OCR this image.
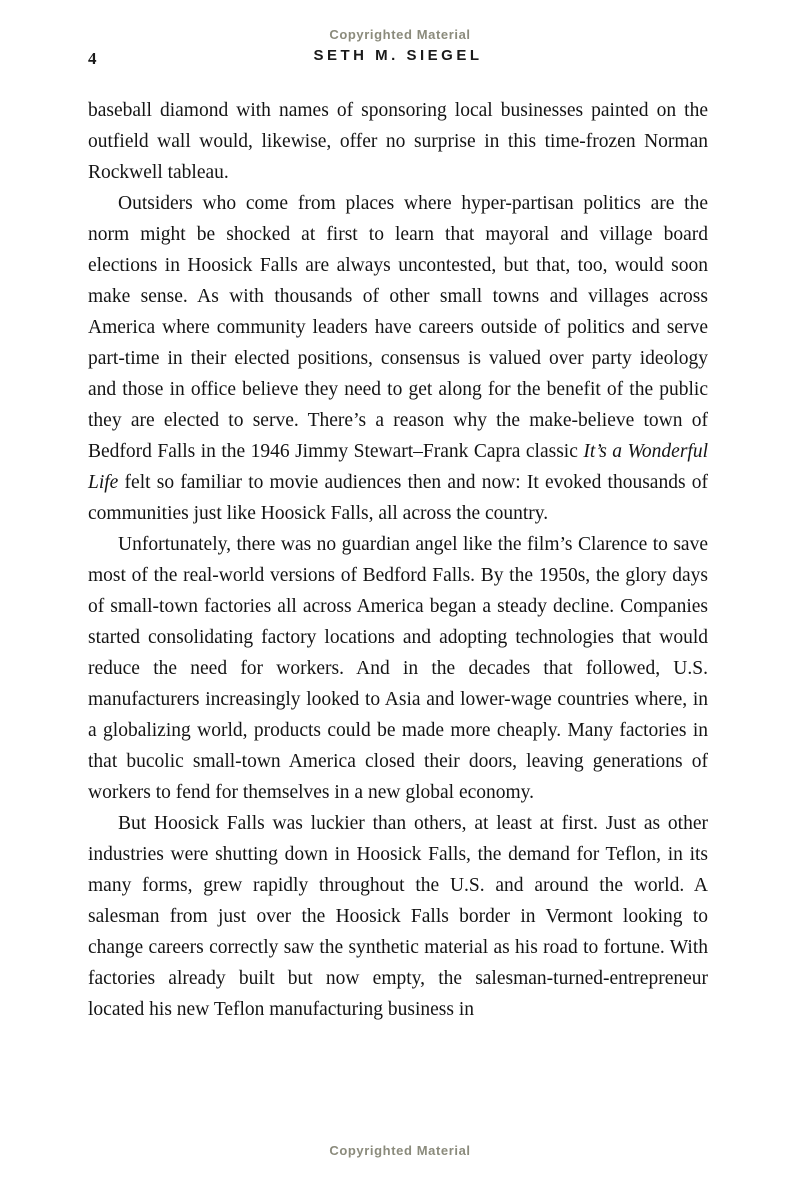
Copyrighted Material
4	SETH M. SIEGEL

baseball diamond with names of sponsoring local businesses painted on the outfield wall would, likewise, offer no surprise in this time-frozen Norman Rockwell tableau.

Outsiders who come from places where hyper-partisan politics are the norm might be shocked at first to learn that mayoral and village board elections in Hoosick Falls are always uncontested, but that, too, would soon make sense. As with thousands of other small towns and villages across America where community leaders have careers outside of politics and serve part-time in their elected positions, consensus is valued over party ideology and those in office believe they need to get along for the benefit of the public they are elected to serve. There’s a reason why the make-believe town of Bedford Falls in the 1946 Jimmy Stewart–Frank Capra classic It’s a Wonderful Life felt so familiar to movie audiences then and now: It evoked thousands of communities just like Hoosick Falls, all across the country.

Unfortunately, there was no guardian angel like the film’s Clarence to save most of the real-world versions of Bedford Falls. By the 1950s, the glory days of small-town factories all across America began a steady decline. Companies started consolidating factory locations and adopting technologies that would reduce the need for workers. And in the decades that followed, U.S. manufacturers increasingly looked to Asia and lower-wage countries where, in a globalizing world, products could be made more cheaply. Many factories in that bucolic small-town America closed their doors, leaving generations of workers to fend for themselves in a new global economy.

But Hoosick Falls was luckier than others, at least at first. Just as other industries were shutting down in Hoosick Falls, the demand for Teflon, in its many forms, grew rapidly throughout the U.S. and around the world. A salesman from just over the Hoosick Falls border in Vermont looking to change careers correctly saw the synthetic material as his road to fortune. With factories already built but now empty, the salesman-turned-entrepreneur located his new Teflon manufacturing business in

Copyrighted Material
